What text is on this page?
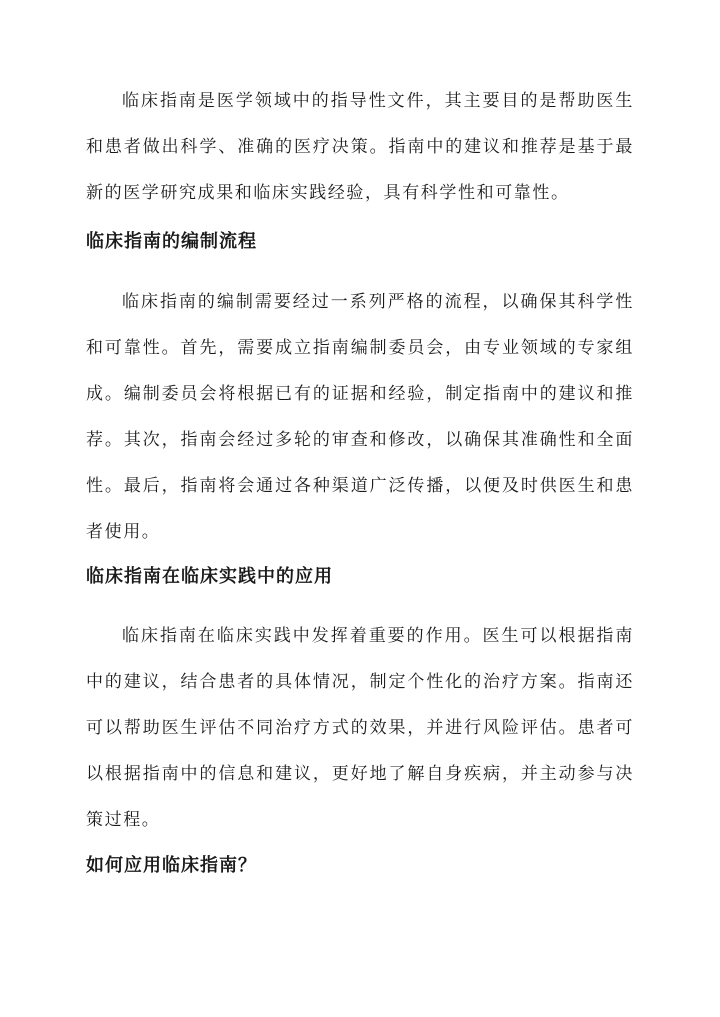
临床指南是医学领域中的指导性文件，其主要目的是帮助医生和患者做出科学、准确的医疗决策。指南中的建议和推荐是基于最新的医学研究成果和临床实践经验，具有科学性和可靠性。

临床指南的编制流程

临床指南的编制需要经过一系列严格的流程，以确保其科学性和可靠性。首先，需要成立指南编制委员会，由专业领域的专家组成。编制委员会将根据已有的证据和经验，制定指南中的建议和推荐。其次，指南会经过多轮的审查和修改，以确保其准确性和全面性。最后，指南将会通过各种渠道广泛传播，以便及时供医生和患者使用。

临床指南在临床实践中的应用

临床指南在临床实践中发挥着重要的作用。医生可以根据指南中的建议，结合患者的具体情况，制定个性化的治疗方案。指南还可以帮助医生评估不同治疗方式的效果，并进行风险评估。患者可以根据指南中的信息和建议，更好地了解自身疾病，并主动参与决策过程。

如何应用临床指南？
